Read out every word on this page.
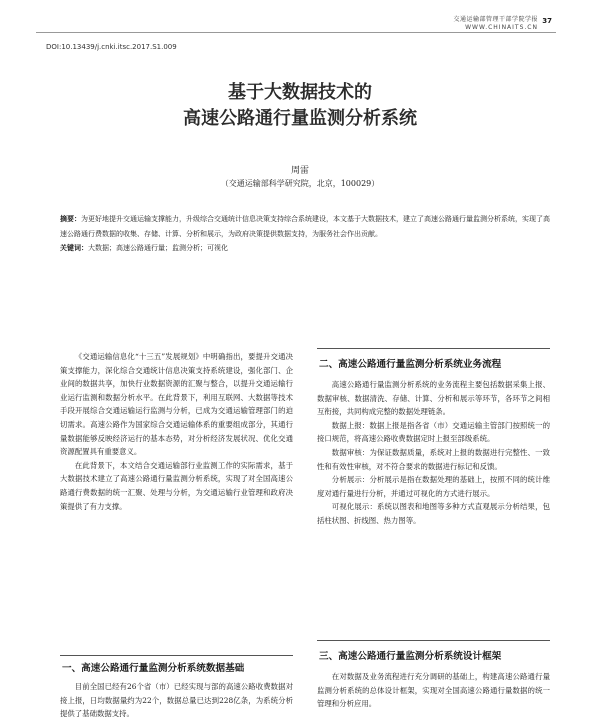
交通运输部管理干部学院学报 37
WWW.CHINAITS.CN
DOI:10.13439/j.cnki.itsc.2017.S1.009
基于大数据技术的
高速公路通行量监测分析系统
周雷
（交通运输部科学研究院，北京，100029）
摘要：为更好地提升交通运输支撑能力，升级综合交通统计信息决策支持综合系统建设，本文基于大数据技术，建立了高速公路通行量监测分析系统，实现了高速公路通行费数据的收集、存储、计算、分析和展示，为政府决策提供数据支持，为服务社会作出贡献。
关键词：大数据；高速公路通行量；监测分析；可视化

《交通运输信息化“十三五”发展规划》中明确指出，要提升交通决策支撑能力，深化综合交通统计信息决策支持系统建设，强化部门、企业间的数据共享，加快行业数据资源的汇聚与整合，以提升交通运输行业运行监测和数据分析水平。在此背景下，利用互联网、大数据等技术手段开展综合交通运输运行监测与分析，已成为交通运输管理部门的迫切需求。高速公路作为国家综合交通运输体系的重要组成部分，其通行量数据能够反映经济运行的基本态势，对分析经济发展状况、优化交通资源配置具有重要意义。

在此背景下，本文结合交通运输部行业监测工作的实际需求，基于大数据技术建立了高速公路通行量监测分析系统，实现了对全国高速公路通行费数据的统一汇聚、处理与分析，为交通运输行业管理和政府决策提供了有力支撑。

一、高速公路通行量监测分析系统数据基础

目前全国已经有26个省（市）已经实现与部的高速公路收费数据对接上报，日均数据量约为22个，数据总量已达到228亿条，为系统分析提供了基础数据支持。

二、高速公路通行量监测分析系统业务流程

高速公路通行量监测分析系统的业务流程主要包括数据采集上报、数据审核、数据清洗、存储、计算、分析和展示等环节，各环节之间相互衔接，共同构成完整的数据处理链条。

数据上报：数据上报是指各省（市）交通运输主管部门按照统一的接口规范，将高速公路收费数据定时上报至部级系统。

数据审核：为保证数据质量，系统对上报的数据进行完整性、一致性和有效性审核，对不符合要求的数据进行标记和反馈。

分析展示：分析展示是指在数据处理的基础上，按照不同的统计维度对通行量进行分析，并通过可视化的方式进行展示。

可视化展示：系统以图表和地图等多种方式直观展示分析结果，包括柱状图、折线图、热力图等。

三、高速公路通行量监测分析系统设计框架

在对数据及业务流程进行充分调研的基础上，构建高速公路通行量监测分析系统的总体设计框架，实现对全国高速公路通行量数据的统一管理和分析应用。
